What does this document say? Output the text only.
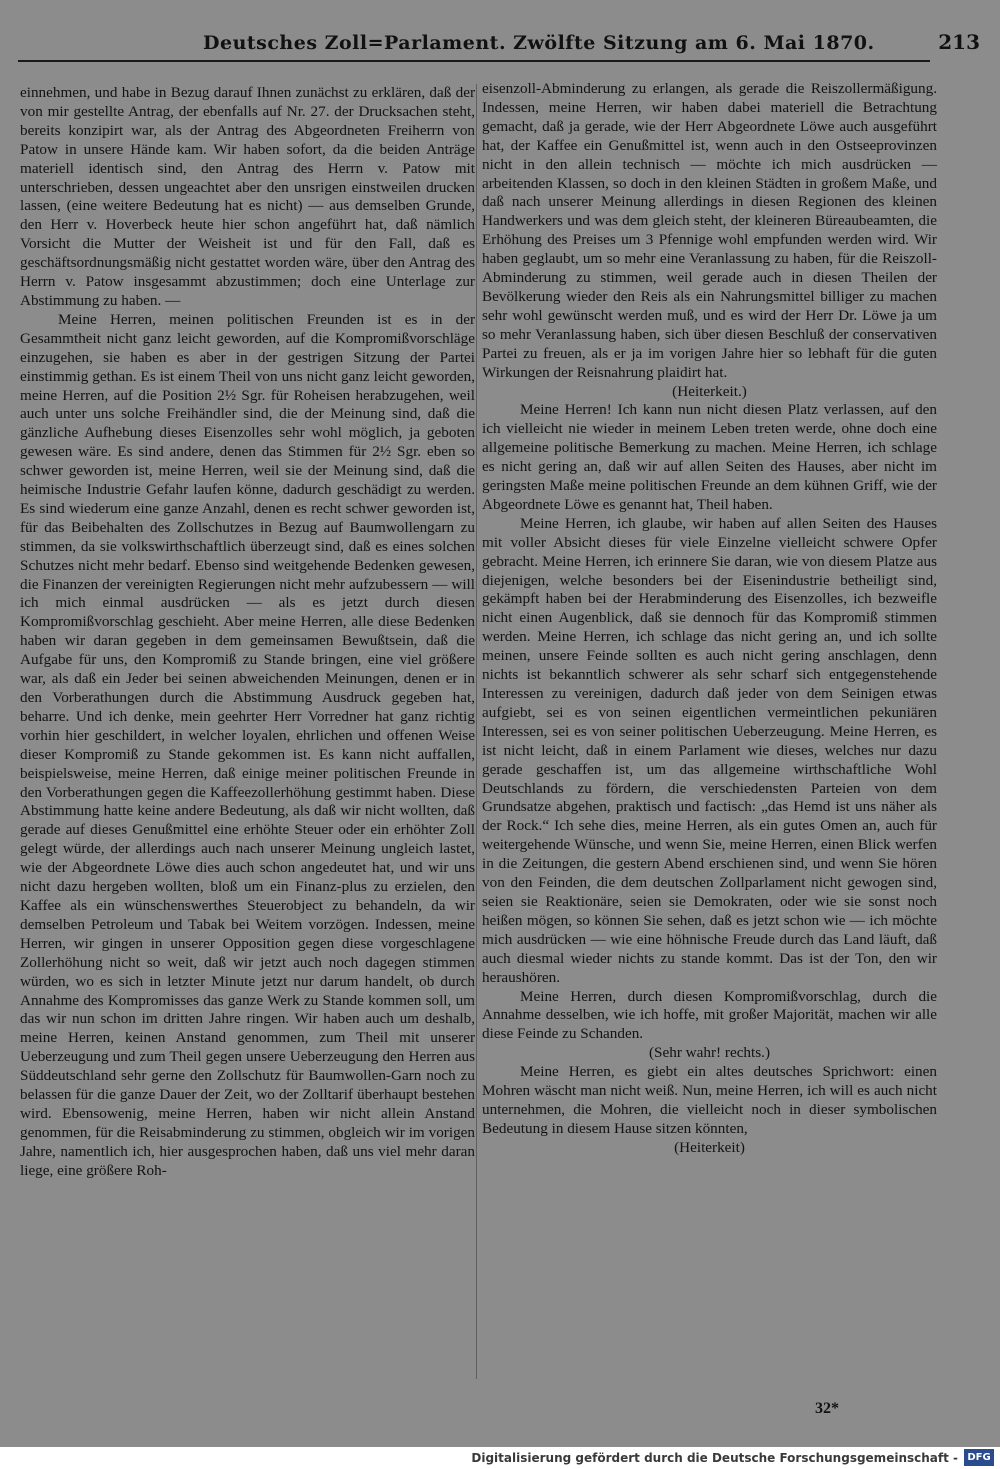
Deutsches Zoll=Parlament. Zwölfte Sitzung am 6. Mai 1870.	213

einnehmen, und habe in Bezug darauf Ihnen zunächst zu erklären, daß der von mir gestellte Antrag, der ebenfalls auf Nr. 27. der Drucksachen steht, bereits konzipirt war, als der Antrag des Abgeordneten Freiherrn von Patow in unsere Hände kam. Wir haben sofort, da die beiden Anträge materiell identisch sind, den Antrag des Herrn v. Patow mit unterschrieben, dessen ungeachtet aber den unsrigen einstweilen drucken lassen, (eine weitere Bedeutung hat es nicht) — aus demselben Grunde, den Herr v. Hoverbeck heute hier schon angeführt hat, daß nämlich Vorsicht die Mutter der Weisheit ist und für den Fall, daß es geschäftsordnungsmäßig nicht gestattet worden wäre, über den Antrag des Herrn v. Patow insgesammt abzustimmen; doch eine Unterlage zur Abstimmung zu haben. —

Meine Herren, meinen politischen Freunden ist es in der Gesammtheit nicht ganz leicht geworden, auf die Kompromißvorschläge einzugehen, sie haben es aber in der gestrigen Sitzung der Partei einstimmig gethan. Es ist einem Theil von uns nicht ganz leicht geworden, meine Herren, auf die Position 2½ Sgr. für Roheisen herabzugehen, weil auch unter uns solche Freihändler sind, die der Meinung sind, daß die gänzliche Aufhebung dieses Eisenzolles sehr wohl möglich, ja geboten gewesen wäre. Es sind andere, denen das Stimmen für 2½ Sgr. eben so schwer geworden ist, meine Herren, weil sie der Meinung sind, daß die heimische Industrie Gefahr laufen könne, dadurch geschädigt zu werden. Es sind wiederum eine ganze Anzahl, denen es recht schwer geworden ist, für das Beibehalten des Zollschutzes in Bezug auf Baumwollengarn zu stimmen, da sie volkswirthschaftlich überzeugt sind, daß es eines solchen Schutzes nicht mehr bedarf. Ebenso sind weitgehende Bedenken gewesen, die Finanzen der vereinigten Regierungen nicht mehr aufzubessern — will ich mich einmal ausdrücken — als es jetzt durch diesen Kompromißvorschlag geschieht. Aber meine Herren, alle diese Bedenken haben wir daran gegeben in dem gemeinsamen Bewußtsein, daß die Aufgabe für uns, den Kompromiß zu Stande bringen, eine viel größere war, als daß ein Jeder bei seinen abweichenden Meinungen, denen er in den Vorberathungen durch die Abstimmung Ausdruck gegeben hat, beharre. Und ich denke, mein geehrter Herr Vorredner hat ganz richtig vorhin hier geschildert, in welcher loyalen, ehrlichen und offenen Weise dieser Kompromiß zu Stande gekommen ist. Es kann nicht auffallen, beispielsweise, meine Herren, daß einige meiner politischen Freunde in den Vorberathungen gegen die Kaffeezollerhöhung gestimmt haben. Diese Abstimmung hatte keine andere Bedeutung, als daß wir nicht wollten, daß gerade auf dieses Genußmittel eine erhöhte Steuer oder ein erhöhter Zoll gelegt würde, der allerdings auch nach unserer Meinung ungleich lastet, wie der Abgeordnete Löwe dies auch schon angedeutet hat, und wir uns nicht dazu hergeben wollten, bloß um ein Finanz-plus zu erzielen, den Kaffee als ein wünschenswerthes Steuerobject zu behandeln, da wir demselben Petroleum und Tabak bei Weitem vorzögen. Indessen, meine Herren, wir gingen in unserer Opposition gegen diese vorgeschlagene Zollerhöhung nicht so weit, daß wir jetzt auch noch dagegen stimmen würden, wo es sich in letzter Minute jetzt nur darum handelt, ob durch Annahme des Kompromisses das ganze Werk zu Stande kommen soll, um das wir nun schon im dritten Jahre ringen. Wir haben auch um deshalb, meine Herren, keinen Anstand genommen, zum Theil mit unserer Ueberzeugung und zum Theil gegen unsere Ueberzeugung den Herren aus Süddeutschland sehr gerne den Zollschutz für Baumwollen-Garn noch zu belassen für die ganze Dauer der Zeit, wo der Zolltarif überhaupt bestehen wird. Ebensowenig, meine Herren, haben wir nicht allein Anstand genommen, für die Reisabminderung zu stimmen, obgleich wir im vorigen Jahre, namentlich ich, hier ausgesprochen haben, daß uns viel mehr daran liege, eine größere Roh-

eisenzoll-Abminderung zu erlangen, als gerade die Reiszollermäßigung. Indessen, meine Herren, wir haben dabei materiell die Betrachtung gemacht, daß ja gerade, wie der Herr Abgeordnete Löwe auch ausgeführt hat, der Kaffee ein Genußmittel ist, wenn auch in den Ostseeprovinzen nicht in den allein technisch — möchte ich mich ausdrücken — arbeitenden Klassen, so doch in den kleinen Städten in großem Maße, und daß nach unserer Meinung allerdings in diesen Regionen des kleinen Handwerkers und was dem gleich steht, der kleineren Büreaubeamten, die Erhöhung des Preises um 3 Pfennige wohl empfunden werden wird. Wir haben geglaubt, um so mehr eine Veranlassung zu haben, für die Reiszoll-Abminderung zu stimmen, weil gerade auch in diesen Theilen der Bevölkerung wieder den Reis als ein Nahrungsmittel billiger zu machen sehr wohl gewünscht werden muß, und es wird der Herr Dr. Löwe ja um so mehr Veranlassung haben, sich über diesen Beschluß der conservativen Partei zu freuen, als er ja im vorigen Jahre hier so lebhaft für die guten Wirkungen der Reisnahrung plaidirt hat.

(Heiterkeit.)

Meine Herren! Ich kann nun nicht diesen Platz verlassen, auf den ich vielleicht nie wieder in meinem Leben treten werde, ohne doch eine allgemeine politische Bemerkung zu machen. Meine Herren, ich schlage es nicht gering an, daß wir auf allen Seiten des Hauses, aber nicht im geringsten Maße meine politischen Freunde an dem kühnen Griff, wie der Abgeordnete Löwe es genannt hat, Theil haben.

Meine Herren, ich glaube, wir haben auf allen Seiten des Hauses mit voller Absicht dieses für viele Einzelne vielleicht schwere Opfer gebracht. Meine Herren, ich erinnere Sie daran, wie von diesem Platze aus diejenigen, welche besonders bei der Eisenindustrie betheiligt sind, gekämpft haben bei der Herabminderung des Eisenzolles, ich bezweifle nicht einen Augenblick, daß sie dennoch für das Kompromiß stimmen werden. Meine Herren, ich schlage das nicht gering an, und ich sollte meinen, unsere Feinde sollten es auch nicht gering anschlagen, denn nichts ist bekanntlich schwerer als sehr scharf sich entgegenstehende Interessen zu vereinigen, dadurch daß jeder von dem Seinigen etwas aufgiebt, sei es von seinen eigentlichen vermeintlichen pekuniären Interessen, sei es von seiner politischen Ueberzeugung. Meine Herren, es ist nicht leicht, daß in einem Parlament wie dieses, welches nur dazu gerade geschaffen ist, um das allgemeine wirthschaftliche Wohl Deutschlands zu fördern, die verschiedensten Parteien von dem Grundsatze abgehen, praktisch und factisch: „das Hemd ist uns näher als der Rock.“ Ich sehe dies, meine Herren, als ein gutes Omen an, auch für weitergehende Wünsche, und wenn Sie, meine Herren, einen Blick werfen in die Zeitungen, die gestern Abend erschienen sind, und wenn Sie hören von den Feinden, die dem deutschen Zollparlament nicht gewogen sind, seien sie Reaktionäre, seien sie Demokraten, oder wie sie sonst noch heißen mögen, so können Sie sehen, daß es jetzt schon wie — ich möchte mich ausdrücken — wie eine höhnische Freude durch das Land läuft, daß auch diesmal wieder nichts zu stande kommt. Das ist der Ton, den wir heraushören.

Meine Herren, durch diesen Kompromißvorschlag, durch die Annahme desselben, wie ich hoffe, mit großer Majorität, machen wir alle diese Feinde zu Schanden.

(Sehr wahr! rechts.)

Meine Herren, es giebt ein altes deutsches Sprichwort: einen Mohren wäscht man nicht weiß. Nun, meine Herren, ich will es auch nicht unternehmen, die Mohren, die vielleicht noch in dieser symbolischen Bedeutung in diesem Hause sitzen könnten,

(Heiterkeit)

32*
Digitalisierung gefördert durch die Deutsche Forschungsgemeinschaft - DFG
